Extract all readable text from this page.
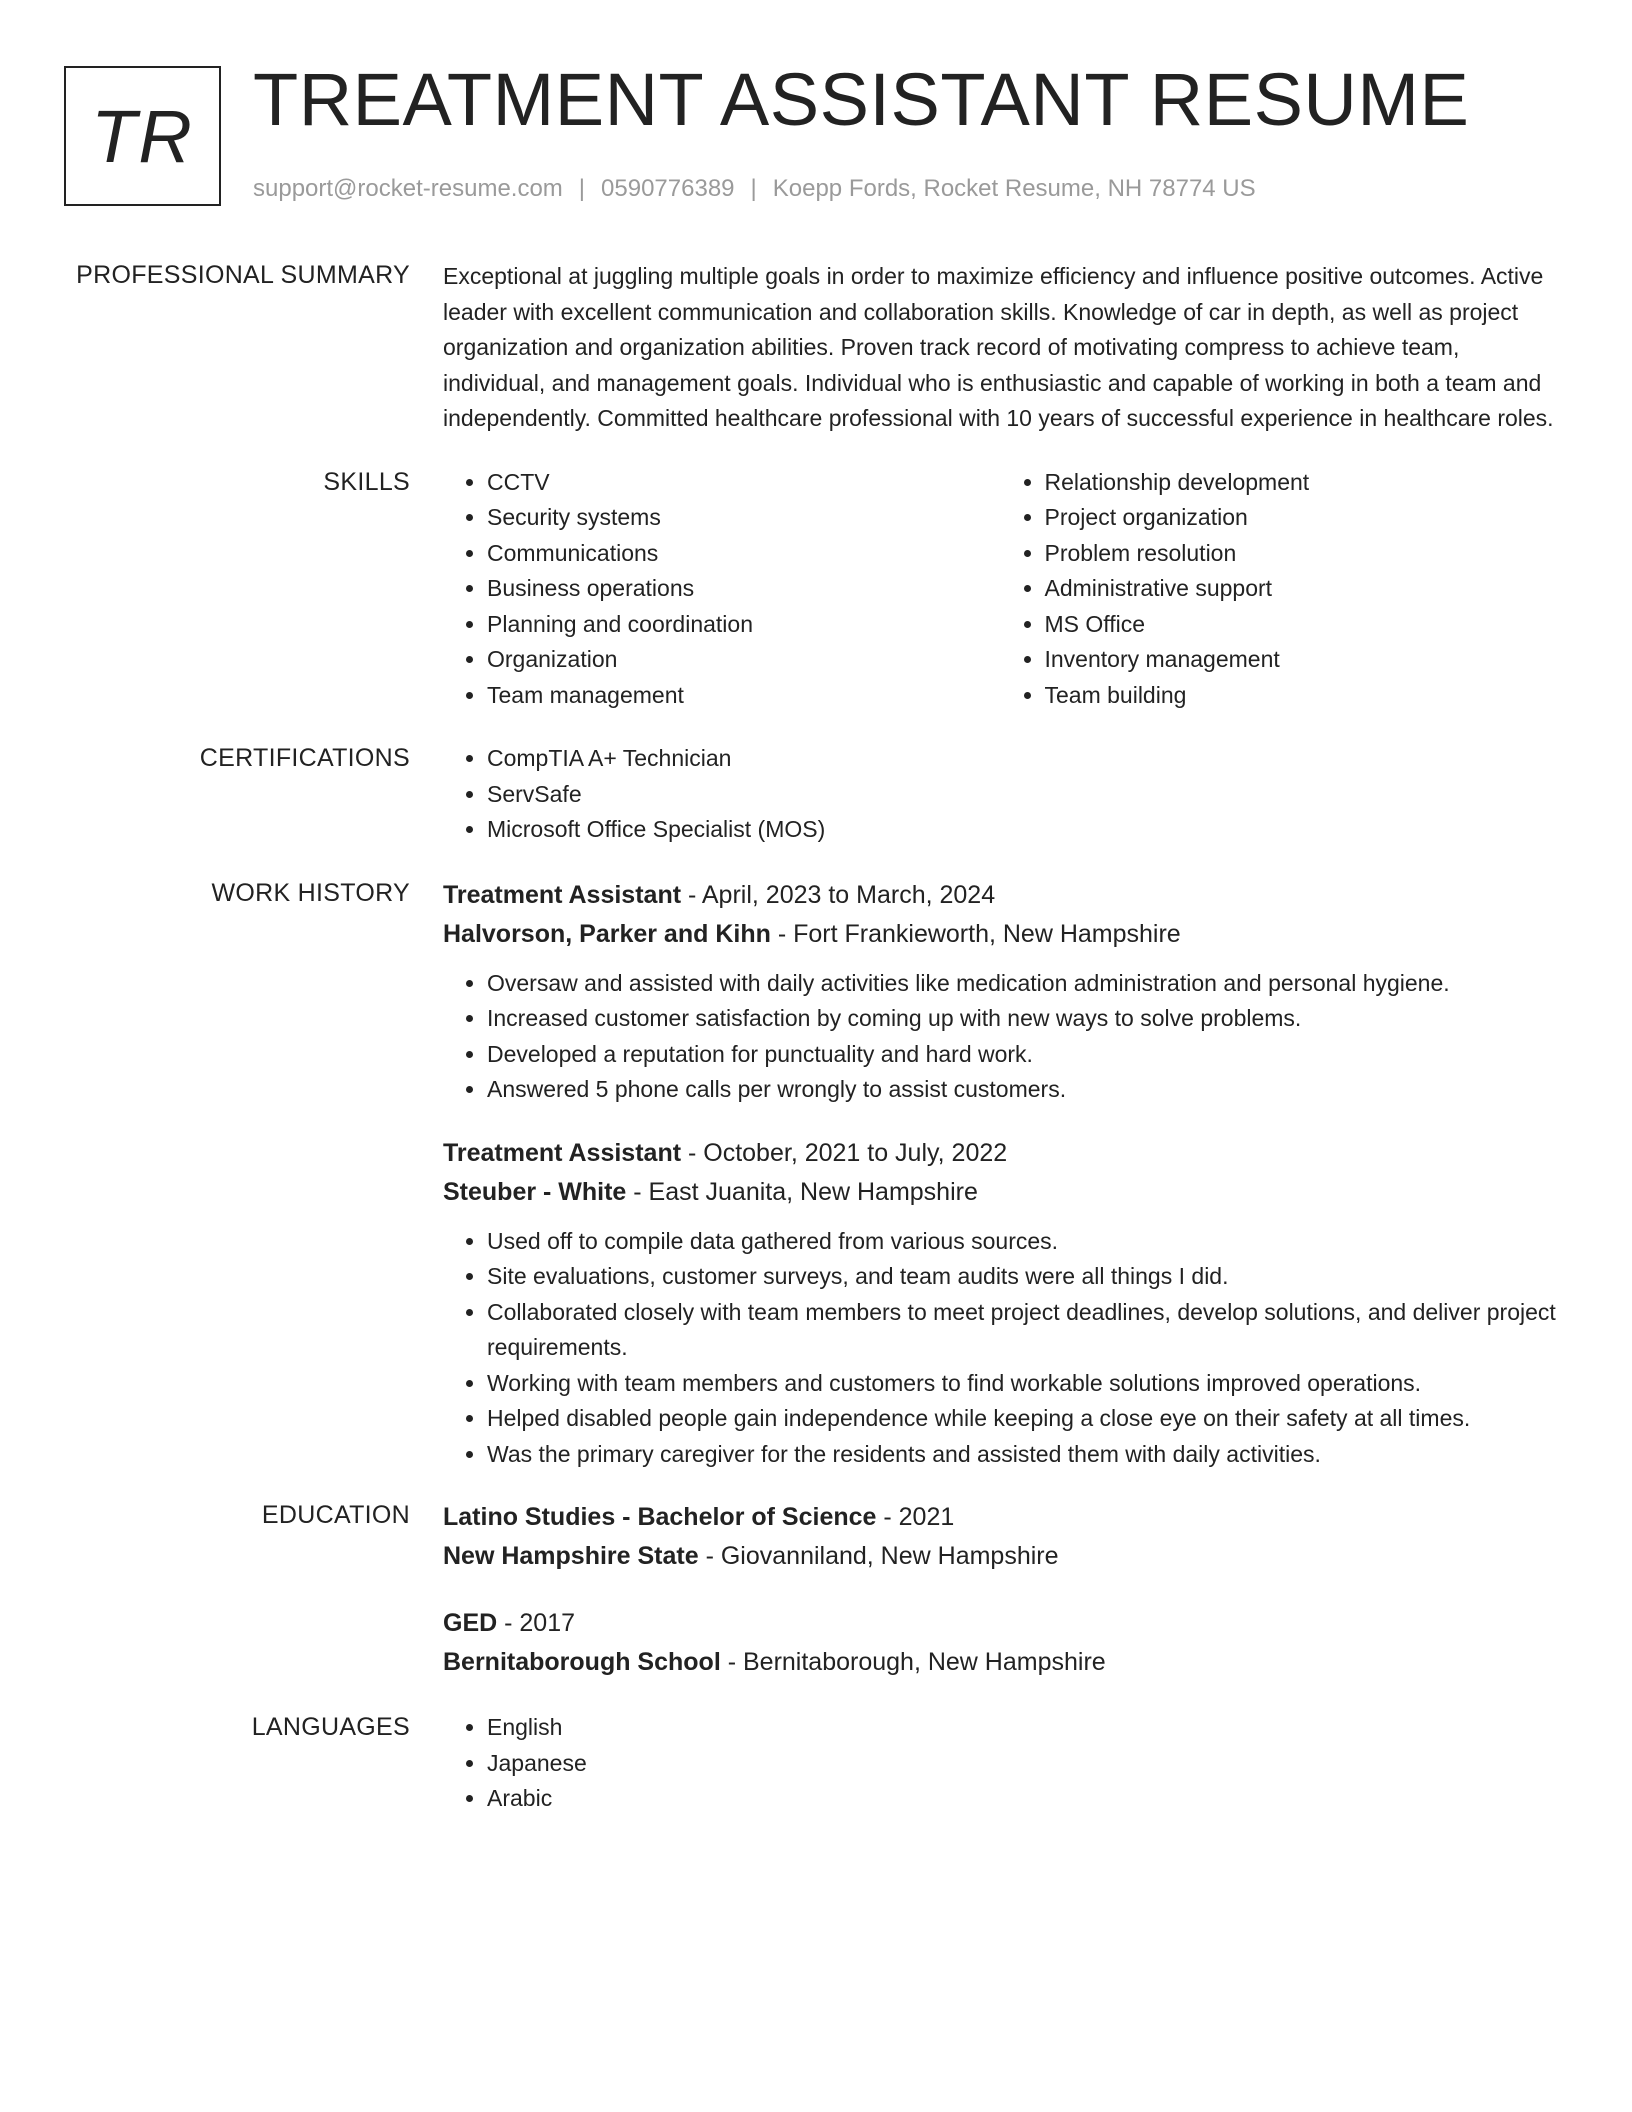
TR TREATMENT ASSISTANT RESUME
support@rocket-resume.com | 0590776389 | Koepp Fords, Rocket Resume, NH 78774 US
PROFESSIONAL SUMMARY Exceptional at juggling multiple goals in order to maximize efficiency and influence positive outcomes. Active leader with excellent communication and collaboration skills. Knowledge of car in depth, as well as project organization and organization abilities. Proven track record of motivating compress to achieve team, individual, and management goals. Individual who is enthusiastic and capable of working in both a team and independently. Committed healthcare professional with 10 years of successful experience in healthcare roles.

SKILLS	• CCTV
• Security systems
• Communications
• Business operations
• Planning and coordination
• Organization
• Team management
• Relationship development
• Project organization
• Problem resolution
• Administrative support
• MS Office
• Inventory management
• Team building
CERTIFICATIONS	• CompTIA A+ Technician
• ServSafe
• Microsoft Office Specialist (MOS)
WORK HISTORY Treatment Assistant - April, 2023 to March, 2024
Halvorson, Parker and Kihn - Fort Frankieworth, New Hampshire
• Oversaw and assisted with daily activities like medication administration and personal hygiene.
• Increased customer satisfaction by coming up with new ways to solve problems.
• Developed a reputation for punctuality and hard work.
• Answered 5 phone calls per wrongly to assist customers.
Treatment Assistant - October, 2021 to July, 2022
Steuber - White - East Juanita, New Hampshire
• Used off to compile data gathered from various sources.
• Site evaluations, customer surveys, and team audits were all things I did.
• Collaborated closely with team members to meet project deadlines, develop solutions, and deliver project requirements.
• Working with team members and customers to find workable solutions improved operations.
• Helped disabled people gain independence while keeping a close eye on their safety at all times.
• Was the primary caregiver for the residents and assisted them with daily activities.
EDUCATION Latino Studies - Bachelor of Science - 2021
New Hampshire State - Giovanniland, New Hampshire
GED - 2017
Bernitaborough School - Bernitaborough, New Hampshire
LANGUAGES	• English
• Japanese
• Arabic
